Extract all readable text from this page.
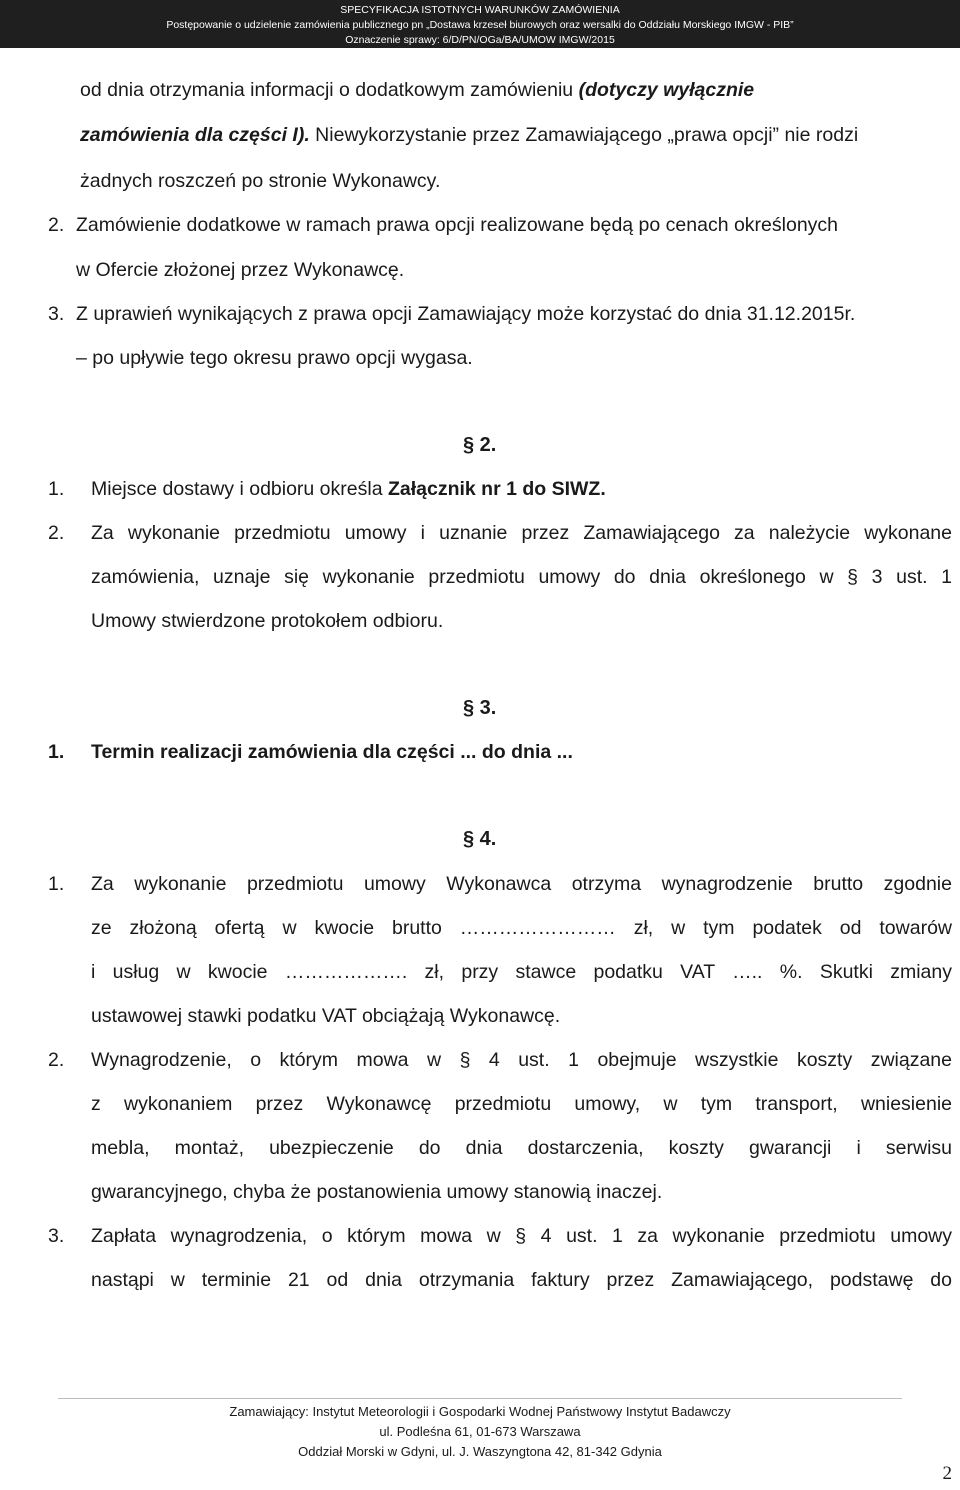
SPECYFIKACJA ISTOTNYCH WARUNKÓW ZAMÓWIENIA
Postępowanie o udzielenie zamówienia publicznego pn „Dostawa krzeseł biurowych oraz wersalki do Oddziału Morskiego IMGW - PIB”
Oznaczenie sprawy: 6/D/PN/OGa/BA/UMOW IMGW/2015
od dnia otrzymania informacji o dodatkowym zamówieniu (dotyczy wyłącznie
zamówienia dla części I). Niewykorzystanie przez Zamawiającego „prawa opcji” nie rodzi
żadnych roszczeń po stronie Wykonawcy.
2. Zamówienie dodatkowe w ramach prawa opcji realizowane będą po cenach określonych
w Ofercie złożonej przez Wykonawcę.
3. Z uprawień wynikających z prawa opcji Zamawiający może korzystać do dnia 31.12.2015r.
– po upływie tego okresu prawo opcji wygasa.
§ 2.
1. Miejsce dostawy i odbioru określa Załącznik nr 1 do SIWZ.
2. Za wykonanie przedmiotu umowy i uznanie przez Zamawiającego za należycie wykonane
zamówienia, uznaje się wykonanie przedmiotu umowy do dnia określonego w § 3 ust. 1
Umowy stwierdzone protokołem odbioru.
§ 3.
1. Termin realizacji zamówienia dla części ... do dnia ...
§ 4.
1. Za wykonanie przedmiotu umowy Wykonawca otrzyma wynagrodzenie brutto zgodnie
ze złożoną ofertą w kwocie brutto …………………… zł, w tym podatek od towarów
i usług w kwocie ………………. zł, przy stawce podatku VAT ….. %. Skutki zmiany
ustawowej stawki podatku VAT obciążają Wykonawcę.
2. Wynagrodzenie, o którym mowa w § 4 ust. 1 obejmuje wszystkie koszty związane
z wykonaniem przez Wykonawcę przedmiotu umowy, w tym transport, wniesienie
mebla, montaż, ubezpieczenie do dnia dostarczenia, koszty gwarancji i serwisu
gwarancyjnego, chyba że postanowienia umowy stanowią inaczej.
3. Zapłata wynagrodzenia, o którym mowa w § 4 ust. 1 za wykonanie przedmiotu umowy
nastąpi w terminie 21 od dnia otrzymania faktury przez Zamawiającego, podstawę do
Zamawiający: Instytut Meteorologii i Gospodarki Wodnej Państwowy Instytut Badawczy
ul. Podleśna 61, 01-673 Warszawa
Oddział Morski w Gdyni, ul. J. Waszyngtona 42, 81-342 Gdynia
2
